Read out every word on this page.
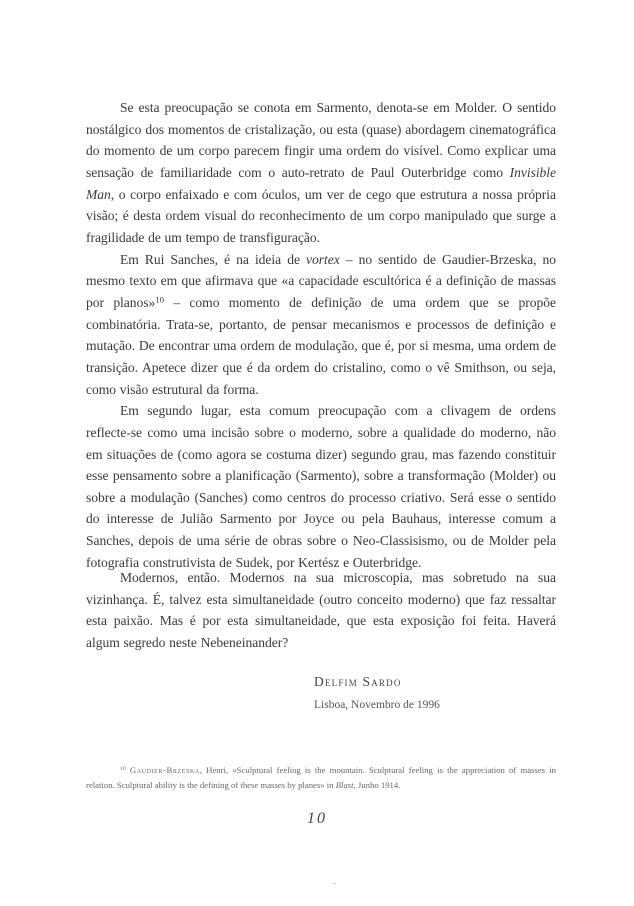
Se esta preocupação se conota em Sarmento, denota-se em Molder. O sentido nostálgico dos momentos de cristalização, ou esta (quase) abordagem cinematográfica do momento de um corpo parecem fingir uma ordem do visível. Como explicar uma sensação de familiaridade com o auto-retrato de Paul Outerbridge como Invisible Man, o corpo enfaixado e com óculos, um ver de cego que estrutura a nossa própria visão; é desta ordem visual do reconhecimento de um corpo manipulado que surge a fragilidade de um tempo de transfiguração.

Em Rui Sanches, é na ideia de vortex – no sentido de Gaudier-Brzeska, no mesmo texto em que afirmava que «a capacidade escultórica é a definição de massas por planos»$^{10}$ – como momento de definição de uma ordem que se propõe combinatória. Trata-se, portanto, de pensar mecanismos e processos de definição e mutação. De encontrar uma ordem de modulação, que é, por si mesma, uma ordem de transição. Apetece dizer que é da ordem do cristalino, como o vê Smithson, ou seja, como visão estrutural da forma.

Em segundo lugar, esta comum preocupação com a clivagem de ordens reflecte-se como uma incisão sobre o moderno, sobre a qualidade do moderno, não em situações de (como agora se costuma dizer) segundo grau, mas fazendo constituir esse pensamento sobre a planificação (Sarmento), sobre a transformação (Molder) ou sobre a modulação (Sanches) como centros do processo criativo. Será esse o sentido do interesse de Julião Sarmento por Joyce ou pela Bauhaus, interesse comum a Sanches, depois de uma série de obras sobre o Neo-Classisismo, ou de Molder pela fotografia construtivista de Sudek, por Kertész e Outerbridge.

Modernos, então. Modernos na sua microscopia, mas sobretudo na sua vizinhança. É, talvez esta simultaneidade (outro conceito moderno) que faz ressaltar esta paixão. Mas é por esta simultaneidade, que esta exposição foi feita. Haverá algum segredo neste Nebeneinander?

Delfim Sardo
Lisboa, Novembro de 1996
$^{10}$ Gaudier-Brzeska, Henri, «Sculptural feeling is the mountain. Sculptural feeling is the appreciation of masses in relation. Sculptural ability is the defining of these masses by planes» in Blast, Junho 1914.
10
